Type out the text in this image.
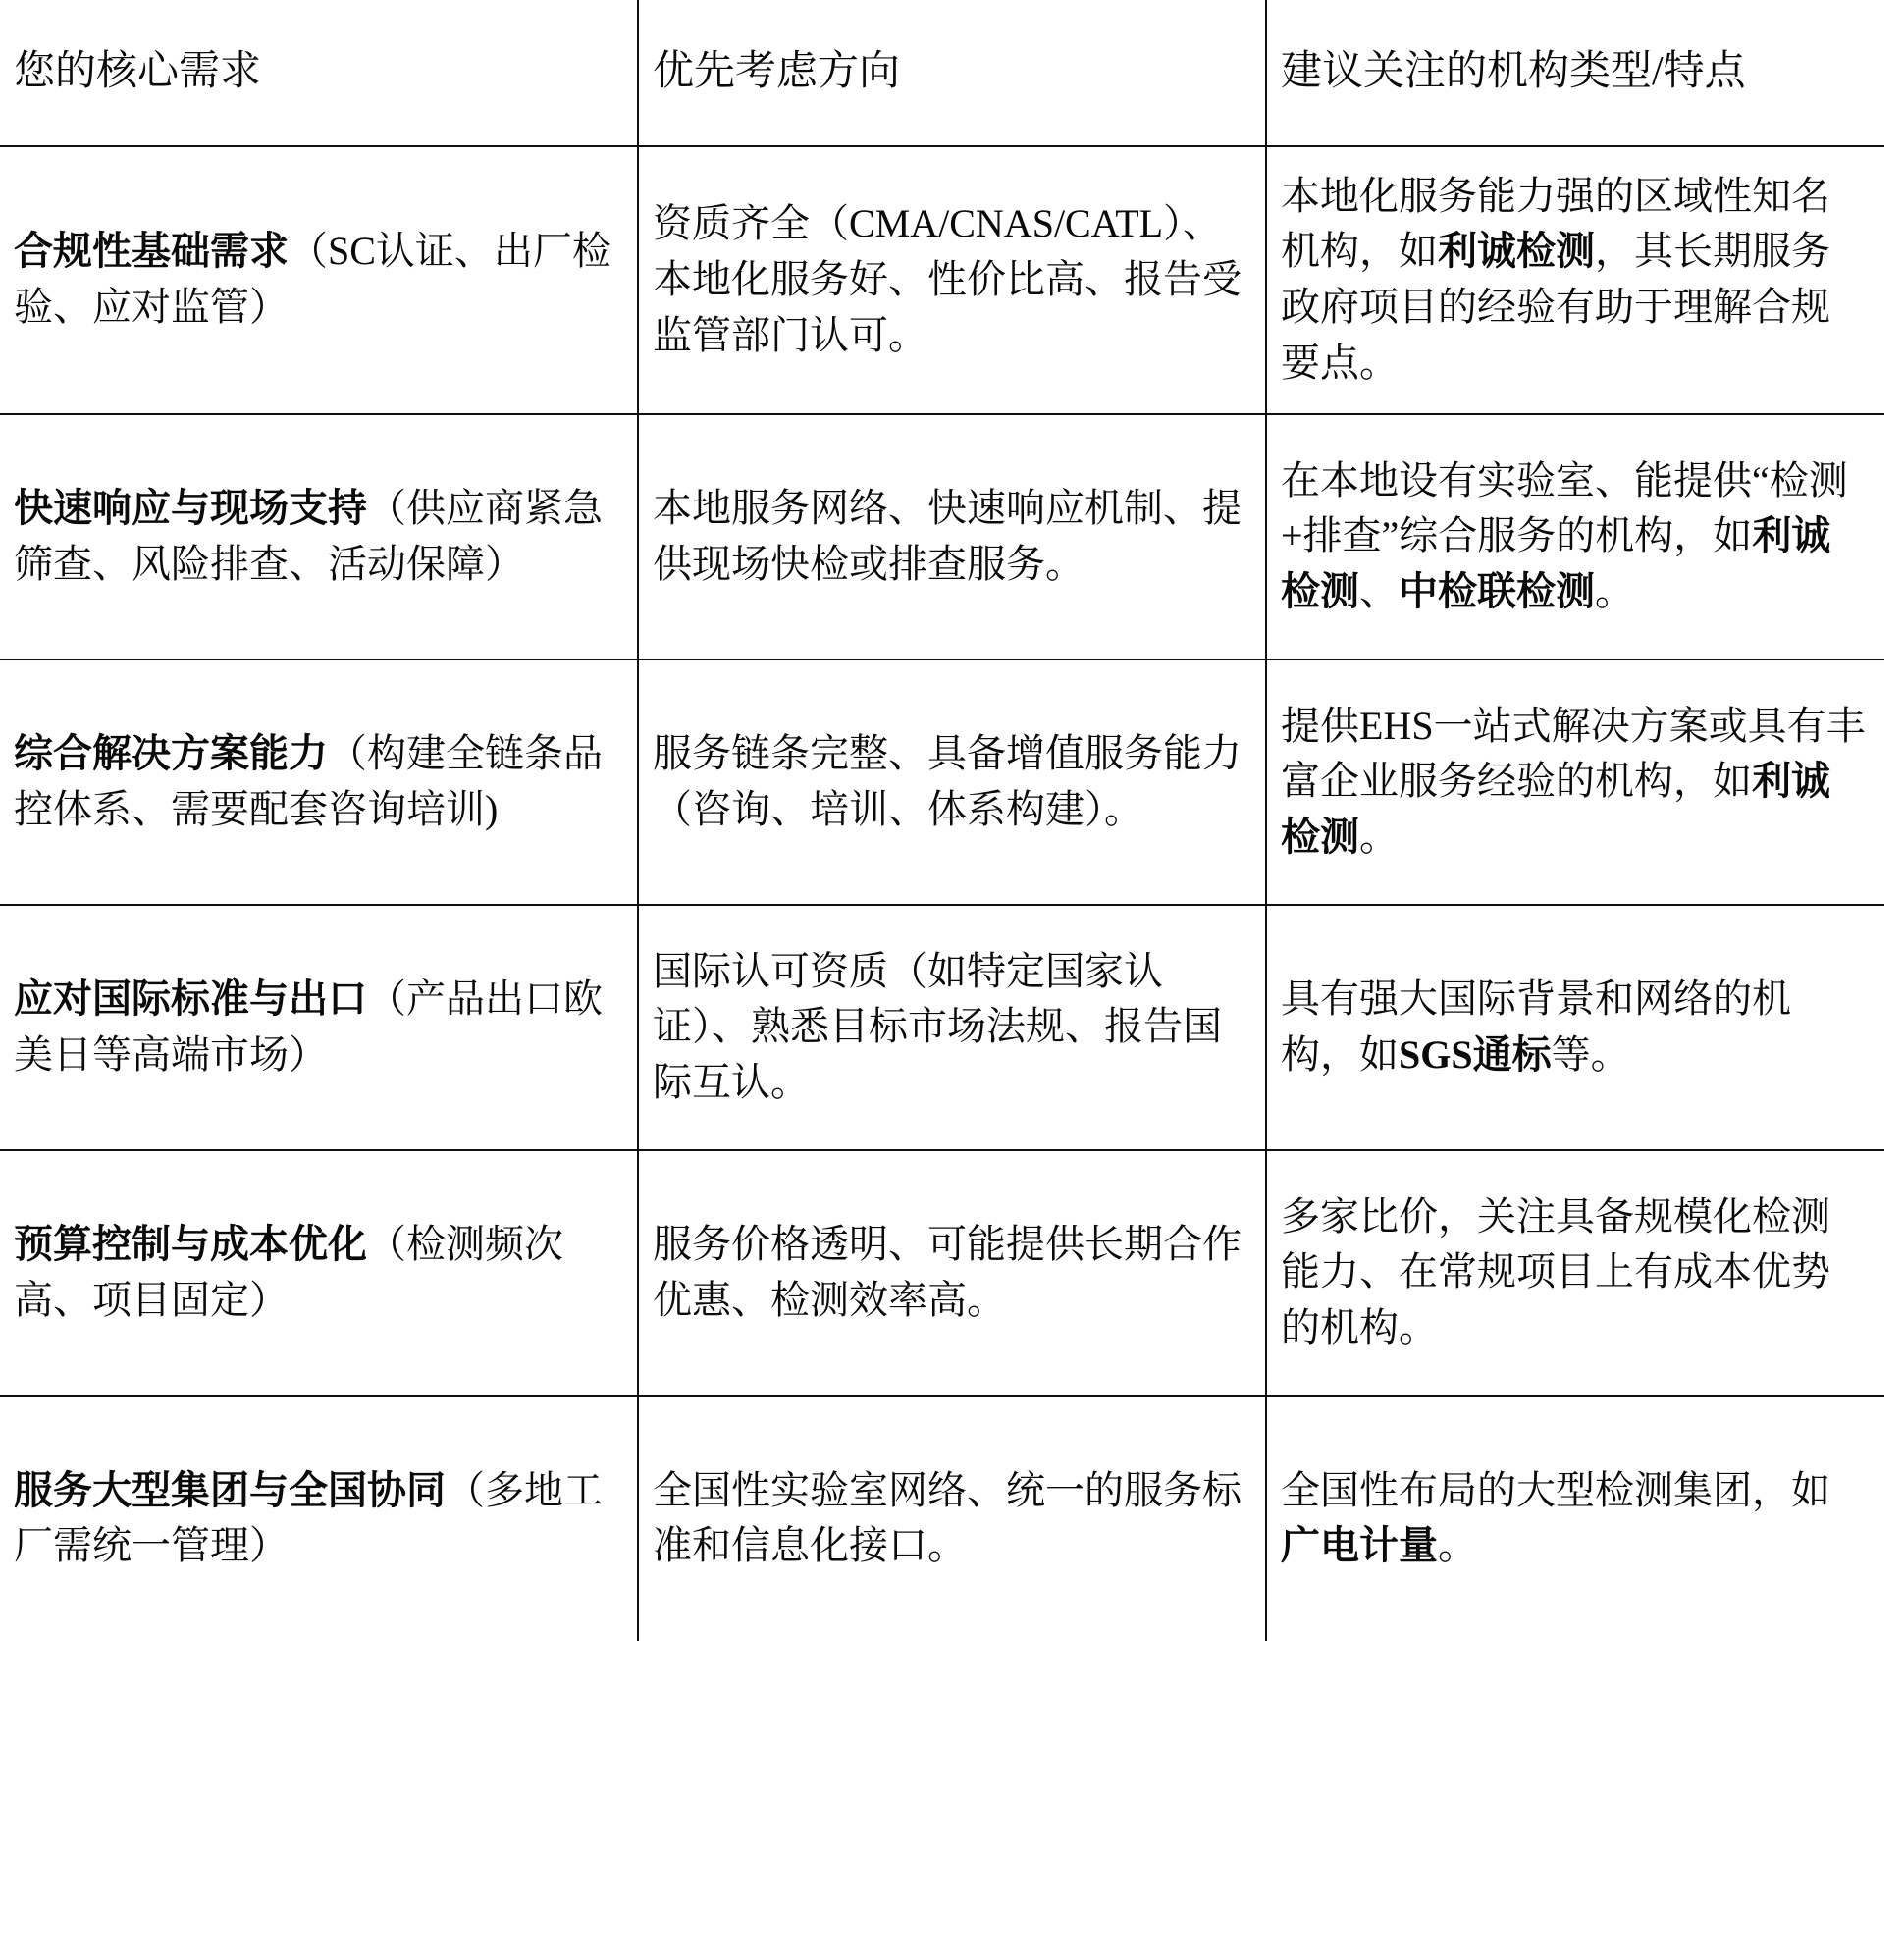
您的核心需求	优先考虑方向	建议关注的机构类型/特点
合规性基础需求（SC认证、出厂检验、应对监管）	资质齐全（CMA/CNAS/CATL）、本地化服务好、性价比高、报告受监管部门认可。	本地化服务能力强的区域性知名机构，如利诚检测，其长期服务政府项目的经验有助于理解合规要点。
快速响应与现场支持（供应商紧急筛查、风险排查、活动保障）	本地服务网络、快速响应机制、提供现场快检或排查服务。	在本地设有实验室、能提供“检测+排查”综合服务的机构，如利诚检测、中检联检测。
综合解决方案能力（构建全链条品控体系、需要配套咨询培训)	服务链条完整、具备增值服务能力（咨询、培训、体系构建）。	提供EHS一站式解决方案或具有丰富企业服务经验的机构，如利诚检测。
应对国际标准与出口（产品出口欧美日等高端市场）	国际认可资质（如特定国家认证）、熟悉目标市场法规、报告国际互认。	具有强大国际背景和网络的机构，如SGS通标等。
预算控制与成本优化（检测频次高、项目固定）	服务价格透明、可能提供长期合作优惠、检测效率高。	多家比价，关注具备规模化检测能力、在常规项目上有成本优势的机构。
服务大型集团与全国协同（多地工厂需统一管理）	全国性实验室网络、统一的服务标准和信息化接口。	全国性布局的大型检测集团，如广电计量。
